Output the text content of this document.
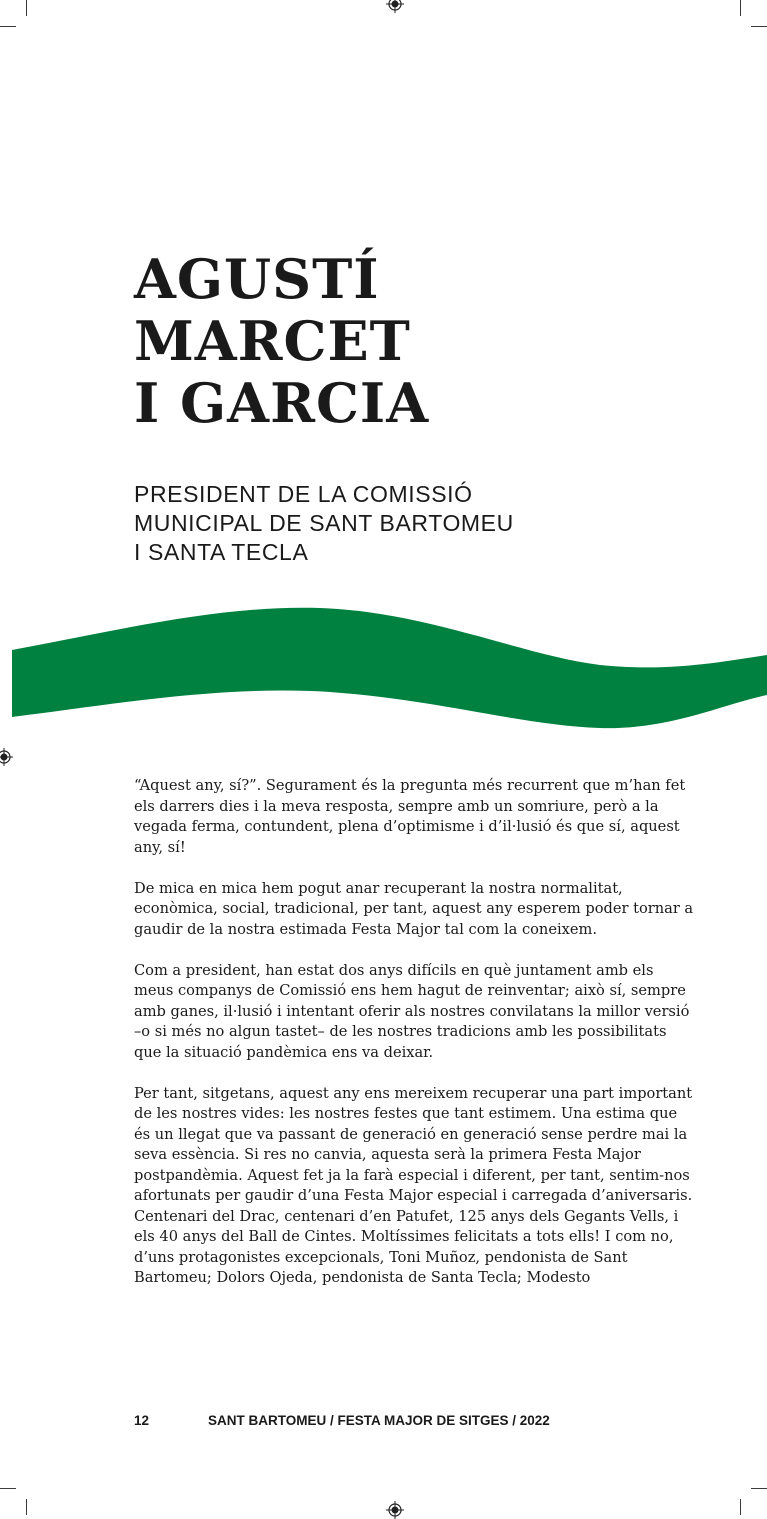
AGUSTÍ
MARCET
I GARCIA
PRESIDENT DE LA COMISSIÓ
MUNICIPAL DE SANT BARTOMEU
I SANTA TECLA

“Aquest any, sí?”. Segurament és la pregunta més recurrent que m’han fet els darrers dies i la meva resposta, sempre amb un somriure, però a la vegada ferma, contundent, plena d’optimisme i d’il·lusió és que sí, aquest any, sí!

De mica en mica hem pogut anar recuperant la nostra normalitat, econòmica, social, tradicional, per tant, aquest any esperem poder tornar a gaudir de la nostra estimada Festa Major tal com la coneixem.

Com a president, han estat dos anys difícils en què juntament amb els meus companys de Comissió ens hem hagut de reinventar; això sí, sempre amb ganes, il·lusió i intentant oferir als nostres convilatans la millor versió –o si més no algun tastet– de les nostres tradicions amb les possibilitats que la situació pandèmica ens va deixar.

Per tant, sitgetans, aquest any ens mereixem recuperar una part important de les nostres vides: les nostres festes que tant estimem. Una estima que és un llegat que va passant de generació en generació sense perdre mai la seva essència. Si res no canvia, aquesta serà la primera Festa Major postpandèmia. Aquest fet ja la farà especial i diferent, per tant, sentim-nos afortunats per gaudir d’una Festa Major especial i carregada d’aniversaris. Centenari del Drac, centenari d’en Patufet, 125 anys dels Gegants Vells, i els 40 anys del Ball de Cintes. Moltíssimes felicitats a tots ells! I com no, d’uns protagonistes excepcionals, Toni Muñoz, pendonista de Sant Bartomeu; Dolors Ojeda, pendonista de Santa Tecla; Modesto

12	SANT BARTOMEU / FESTA MAJOR DE SITGES / 2022
